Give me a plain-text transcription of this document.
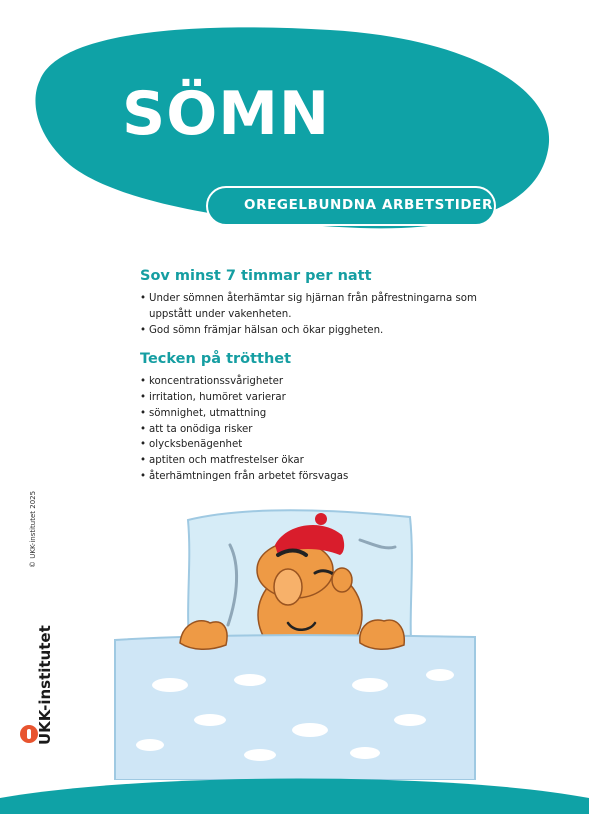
SÖMN
OREGELBUNDNA ARBETSTIDER
Sov minst 7 timmar per natt
• Under sömnen återhämtar sig hjärnan från påfrestningarna som uppstått under vakenheten.
• God sömn främjar hälsan och ökar piggheten.
Tecken på trötthet
• koncentrationssvårigheter
• irritation, humöret varierar
• sömnighet, utmattning
• att ta onödiga risker
• olycksbenägenhet
• aptiten och matfrestelser ökar
• återhämtningen från arbetet försvagas
© UKK-institutet 2025
UKK-institutet
